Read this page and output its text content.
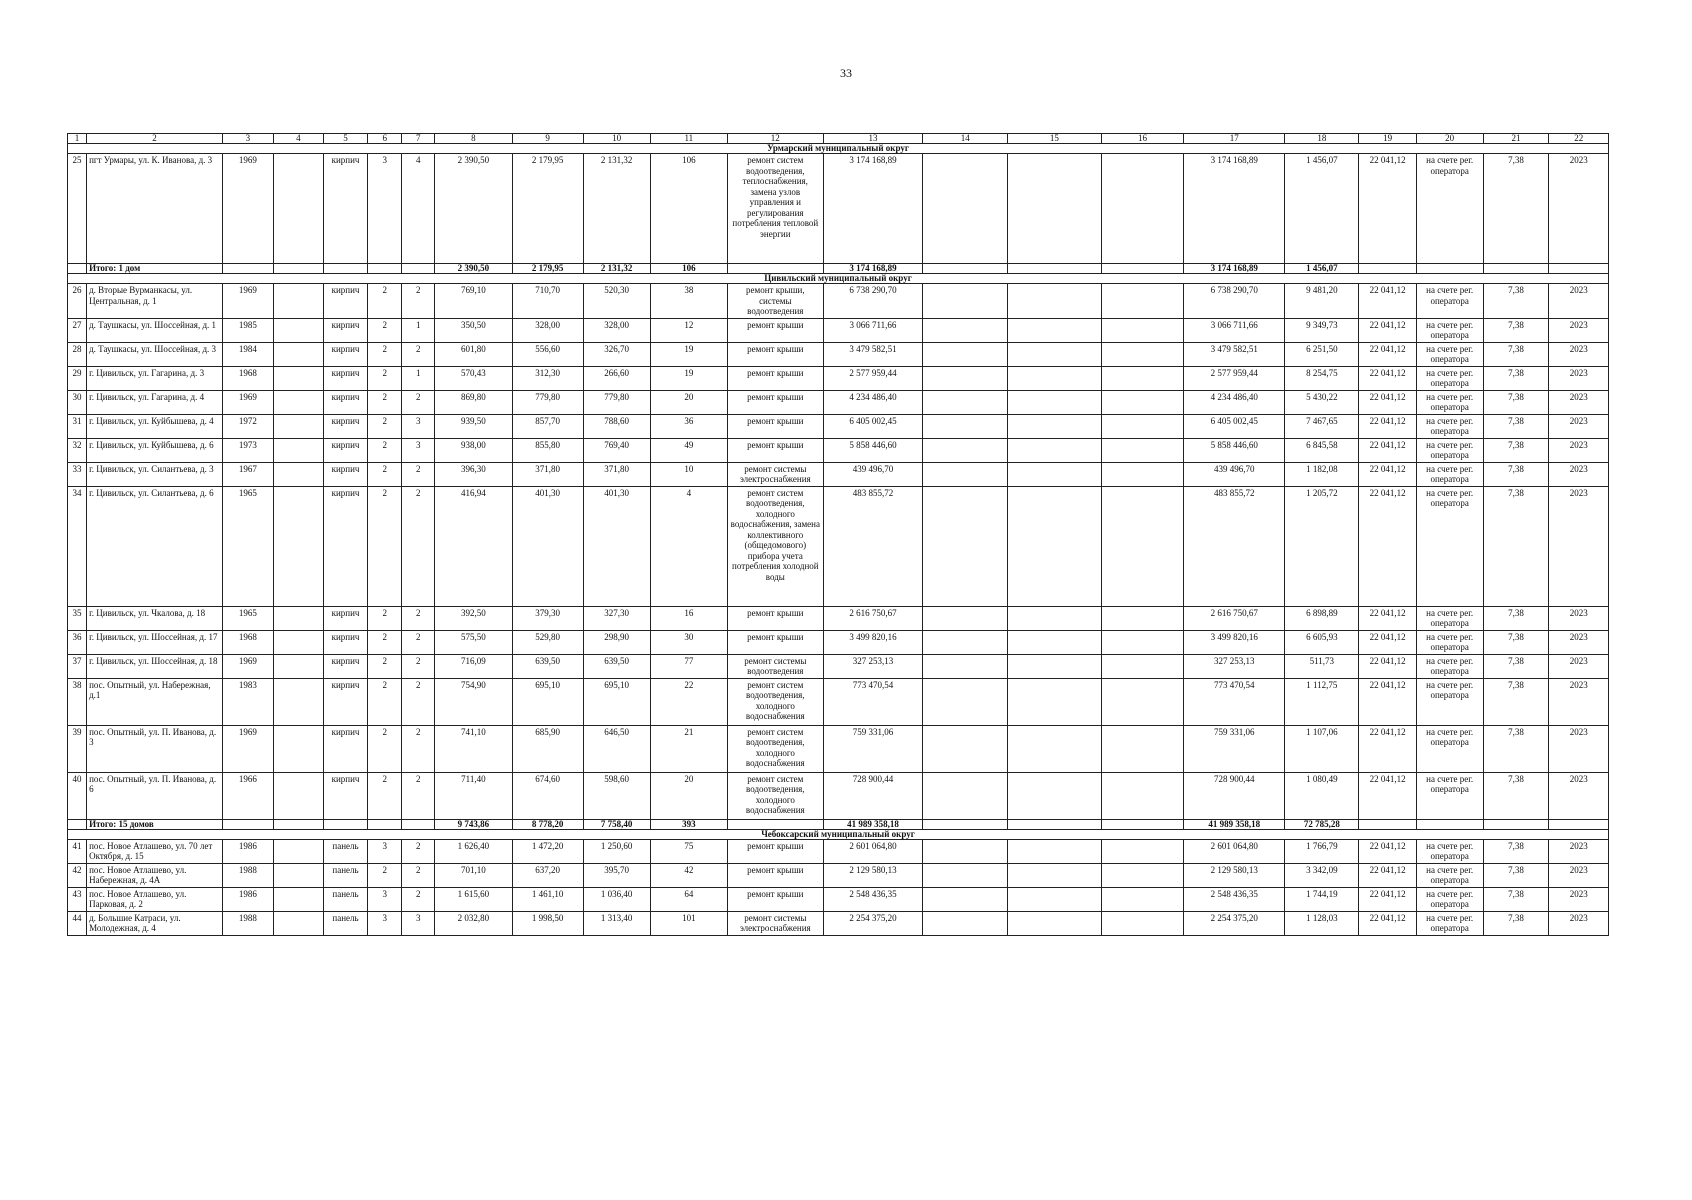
33
1	2	3	4	5	6	7	8	9	10	11	12	13	14	15	16	17	18	19	20	21	22
Урмарский муниципальный округ																					
25	пгт Урмары, ул. К. Иванова, д. 3	1969		кирпич	3	4	2 390,50	2 179,95	2 131,32	106	ремонт систем водоотведения, теплоснабжения, замена узлов управления и регулирования потребления тепловой энергии	3 174 168,89				3 174 168,89	1 456,07	22 041,12	на счете рег. оператора	7,38	2023
	Итого: 1 дом						2 390,50	2 179,95	2 131,32	106		3 174 168,89				3 174 168,89	1 456,07				
Цивильский муниципальный округ																					
26	д. Вторые Вурманкасы, ул. Центральная, д. 1	1969		кирпич	2	2	769,10	710,70	520,30	38	ремонт крыши, системы водоотведения	6 738 290,70				6 738 290,70	9 481,20	22 041,12	на счете рег. оператора	7,38	2023
27	д. Таушкасы, ул. Шоссейная, д. 1	1985		кирпич	2	1	350,50	328,00	328,00	12	ремонт крыши	3 066 711,66				3 066 711,66	9 349,73	22 041,12	на счете рег. оператора	7,38	2023
28	д. Таушкасы, ул. Шоссейная, д. 3	1984		кирпич	2	2	601,80	556,60	326,70	19	ремонт крыши	3 479 582,51				3 479 582,51	6 251,50	22 041,12	на счете рег. оператора	7,38	2023
29	г. Цивильск, ул. Гагарина, д. 3	1968		кирпич	2	1	570,43	312,30	266,60	19	ремонт крыши	2 577 959,44				2 577 959,44	8 254,75	22 041,12	на счете рег. оператора	7,38	2023
30	г. Цивильск, ул. Гагарина, д. 4	1969		кирпич	2	2	869,80	779,80	779,80	20	ремонт крыши	4 234 486,40				4 234 486,40	5 430,22	22 041,12	на счете рег. оператора	7,38	2023
31	г. Цивильск, ул. Куйбышева, д. 4	1972		кирпич	2	3	939,50	857,70	788,60	36	ремонт крыши	6 405 002,45				6 405 002,45	7 467,65	22 041,12	на счете рег. оператора	7,38	2023
32	г. Цивильск, ул. Куйбышева, д. 6	1973		кирпич	2	3	938,00	855,80	769,40	49	ремонт крыши	5 858 446,60				5 858 446,60	6 845,58	22 041,12	на счете рег. оператора	7,38	2023
33	г. Цивильск, ул. Силантьева, д. 3	1967		кирпич	2	2	396,30	371,80	371,80	10	ремонт системы электроснабжения	439 496,70				439 496,70	1 182,08	22 041,12	на счете рег. оператора	7,38	2023
34	г. Цивильск, ул. Силантьева, д. 6	1965		кирпич	2	2	416,94	401,30	401,30	4	ремонт систем водоотведения, холодного водоснабжения, замена коллективного (общедомового) прибора учета потребления холодной воды	483 855,72				483 855,72	1 205,72	22 041,12	на счете рег. оператора	7,38	2023
35	г. Цивильск, ул. Чкалова, д. 18	1965		кирпич	2	2	392,50	379,30	327,30	16	ремонт крыши	2 616 750,67				2 616 750,67	6 898,89	22 041,12	на счете рег. оператора	7,38	2023
36	г. Цивильск, ул. Шоссейная, д. 17	1968		кирпич	2	2	575,50	529,80	298,90	30	ремонт крыши	3 499 820,16				3 499 820,16	6 605,93	22 041,12	на счете рег. оператора	7,38	2023
37	г. Цивильск, ул. Шоссейная, д. 18	1969		кирпич	2	2	716,09	639,50	639,50	77	ремонт системы водоотведения	327 253,13				327 253,13	511,73	22 041,12	на счете рег. оператора	7,38	2023
38	пос. Опытный, ул. Набережная, д.1	1983		кирпич	2	2	754,90	695,10	695,10	22	ремонт систем водоотведения, холодного водоснабжения	773 470,54				773 470,54	1 112,75	22 041,12	на счете рег. оператора	7,38	2023
39	пос. Опытный, ул. П. Иванова, д. 3	1969		кирпич	2	2	741,10	685,90	646,50	21	ремонт систем водоотведения, холодного водоснабжения	759 331,06				759 331,06	1 107,06	22 041,12	на счете рег. оператора	7,38	2023
40	пос. Опытный, ул. П. Иванова, д. 6	1966		кирпич	2	2	711,40	674,60	598,60	20	ремонт систем водоотведения, холодного водоснабжения	728 900,44				728 900,44	1 080,49	22 041,12	на счете рег. оператора	7,38	2023
	Итого: 15 домов						9 743,86	8 778,20	7 758,40	393		41 989 358,18				41 989 358,18	72 785,28				
Чебоксарский муниципальный округ																					
41	пос. Новое Атлашево, ул. 70 лет Октября, д. 15	1986		панель	3	2	1 626,40	1 472,20	1 250,60	75	ремонт крыши	2 601 064,80				2 601 064,80	1 766,79	22 041,12	на счете рег. оператора	7,38	2023
42	пос. Новое Атлашево, ул. Набережная, д. 4А	1988		панель	2	2	701,10	637,20	395,70	42	ремонт крыши	2 129 580,13				2 129 580,13	3 342,09	22 041,12	на счете рег. оператора	7,38	2023
43	пос. Новое Атлашево, ул. Парковая, д. 2	1986		панель	3	2	1 615,60	1 461,10	1 036,40	64	ремонт крыши	2 548 436,35				2 548 436,35	1 744,19	22 041,12	на счете рег. оператора	7,38	2023
44	д. Большие Катраси, ул. Молодежная, д. 4	1988		панель	3	3	2 032,80	1 998,50	1 313,40	101	ремонт системы электроснабжения	2 254 375,20				2 254 375,20	1 128,03	22 041,12	на счете рег. оператора	7,38	2023
